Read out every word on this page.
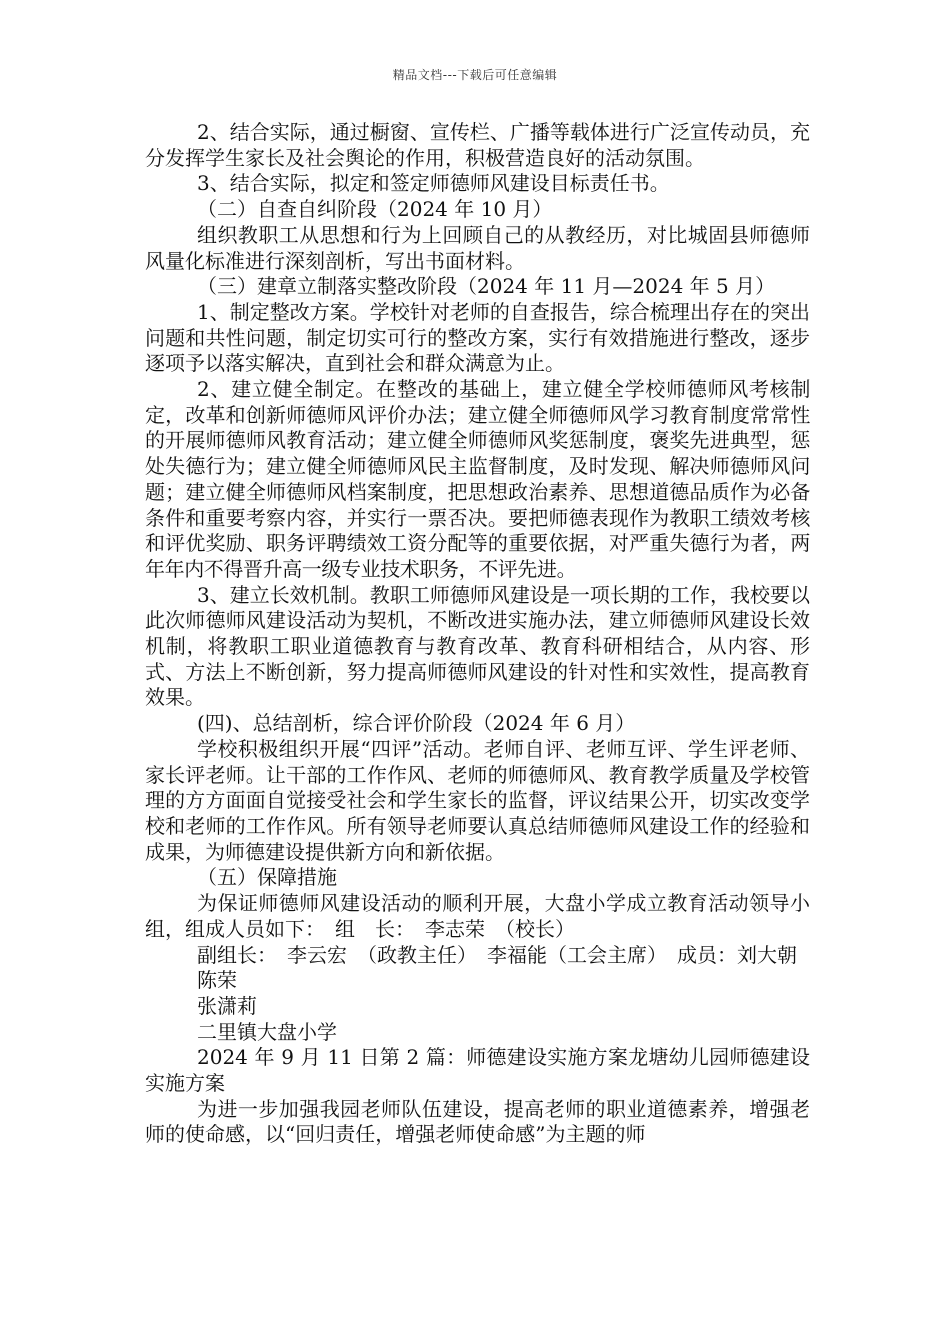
精品文档---下载后可任意编辑

2、结合实际，通过橱窗、宣传栏、广播等载体进行广泛宣传动员，充分发挥学生家长及社会舆论的作用，积极营造良好的活动氛围。

3、结合实际，拟定和签定师德师风建设目标责任书。

（二）自查自纠阶段（2024 年 10 月）

组织教职工从思想和行为上回顾自己的从教经历，对比城固县师德师风量化标准进行深刻剖析，写出书面材料。

（三）建章立制落实整改阶段（2024 年 11 月—2024 年 5 月）

1、制定整改方案。学校针对老师的自查报告，综合梳理出存在的突出问题和共性问题，制定切实可行的整改方案，实行有效措施进行整改，逐步逐项予以落实解决，直到社会和群众满意为止。

2、建立健全制定。在整改的基础上，建立健全学校师德师风考核制定，改革和创新师德师风评价办法；建立健全师德师风学习教育制度常常性的开展师德师风教育活动；建立健全师德师风奖惩制度，褒奖先进典型，惩处失德行为；建立健全师德师风民主监督制度，及时发现、解决师德师风问题；建立健全师德师风档案制度，把思想政治素养、思想道德品质作为必备条件和重要考察内容，并实行一票否决。要把师德表现作为教职工绩效考核和评优奖励、职务评聘绩效工资分配等的重要依据，对严重失德行为者，两年年内不得晋升高一级专业技术职务，不评先进。

3、建立长效机制。教职工师德师风建设是一项长期的工作，我校要以此次师德师风建设活动为契机，不断改进实施办法，建立师德师风建设长效机制，将教职工职业道德教育与教育改革、教育科研相结合，从内容、形式、方法上不断创新，努力提高师德师风建设的针对性和实效性，提高教育效果。

(四)、总结剖析，综合评价阶段（2024 年 6 月）

学校积极组织开展“四评”活动。老师自评、老师互评、学生评老师、家长评老师。让干部的工作作风、老师的师德师风、教育教学质量及学校管理的方方面面自觉接受社会和学生家长的监督，评议结果公开，切实改变学校和老师的工作作风。所有领导老师要认真总结师德师风建设工作的经验和成果，为师德建设提供新方向和新依据。

（五）保障措施

为保证师德师风建设活动的顺利开展，大盘小学成立教育活动领导小组，组成人员如下：　组　长：　李志荣　（校长）

副组长：　李云宏　（政教主任）　李福能（工会主席）　成员：刘大朝

陈荣

张潇莉

二里镇大盘小学

2024 年 9 月 11 日第 2 篇：师德建设实施方案龙塘幼儿园师德建设实施方案

为进一步加强我园老师队伍建设，提高老师的职业道德素养，增强老师的使命感，以“回归责任，增强老师使命感”为主题的师
